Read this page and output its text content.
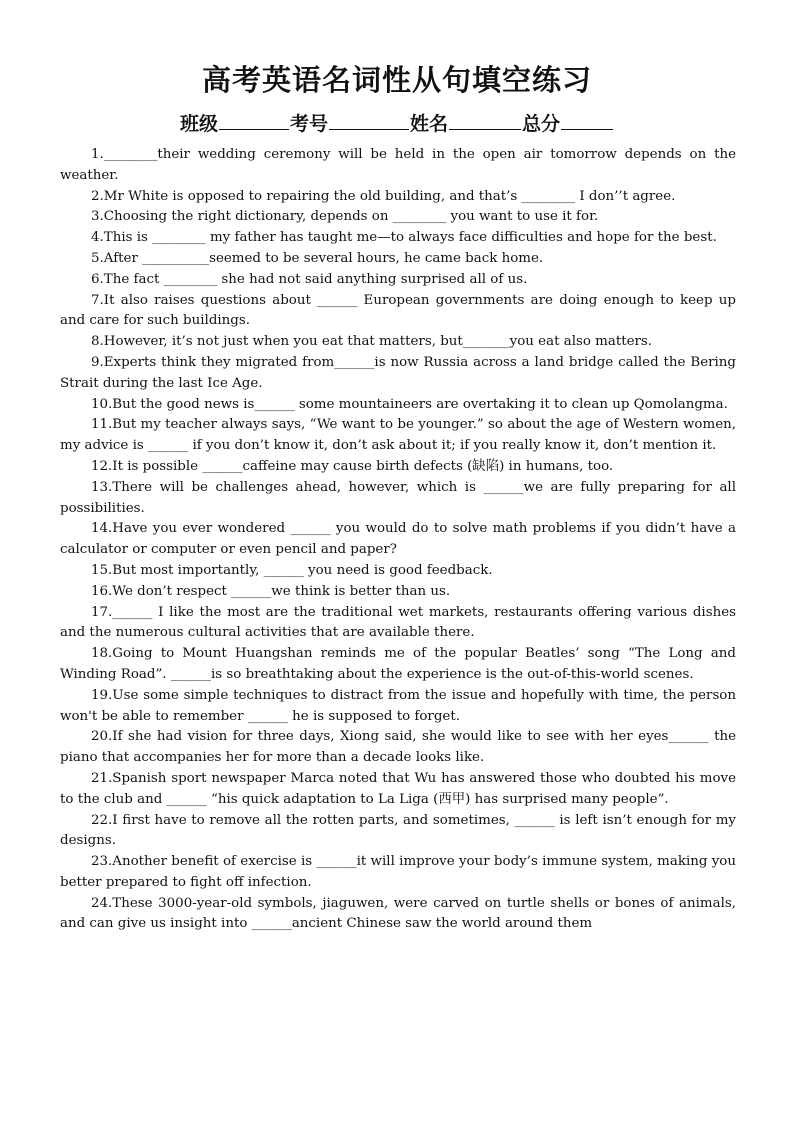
高考英语名词性从句填空练习
班级	考号	姓名	总分

1.________their wedding ceremony will be held in the open air tomorrow depends on the weather.

2.Mr White is opposed to repairing the old building, and that’s ________ I don’’t agree.

3.Choosing the right dictionary, depends on ________ you want to use it for.

4.This is ________ my father has taught me—to always face difficulties and hope for the best.

5.After __________seemed to be several hours, he came back home.

6.The fact ________ she had not said anything surprised all of us.

7.It also raises questions about ______ European governments are doing enough to keep up and care for such buildings.

8.However, it’s not just when you eat that matters, but_______you eat also matters.

9.Experts think they migrated from______is now Russia across a land bridge called the Bering Strait during the last Ice Age.

10.But the good news is______ some mountaineers are overtaking it to clean up Qomolangma.

11.But my teacher always says, “We want to be younger.” so about the age of Western women, my advice is ______ if you don’t know it, don’t ask about it; if you really know it, don’t mention it.

12.It is possible ______caffeine may cause birth defects (缺陷) in humans, too.

13.There will be challenges ahead, however, which is ______we are fully preparing for all possibilities.

14.Have you ever wondered ______ you would do to solve math problems if you didn’t have a calculator or computer or even pencil and paper?

15.But most importantly, ______ you need is good feedback.

16.We don’t respect ______we think is better than us.

17.______ I like the most are the traditional wet markets, restaurants offering various dishes and the numerous cultural activities that are available there.

18.Going to Mount Huangshan reminds me of the popular Beatles’ song “The Long and Winding Road”. ______is so breathtaking about the experience is the out-of-this-world scenes.

19.Use some simple techniques to distract from the issue and hopefully with time, the person won't be able to remember ______ he is supposed to forget.

20.If she had vision for three days, Xiong said, she would like to see with her eyes______ the piano that accompanies her for more than a decade looks like.

21.Spanish sport newspaper Marca noted that Wu has answered those who doubted his move to the club and ______ “his quick adaptation to La Liga (西甲) has surprised many people”.

22.I first have to remove all the rotten parts, and sometimes, ______ is left isn’t enough for my designs.

23.Another benefit of exercise is ______it will improve your body’s immune system, making you better prepared to fight off infection.

24.These 3000-year-old symbols, jiaguwen, were carved on turtle shells or bones of animals, and can give us insight into ______ancient Chinese saw the world around them
